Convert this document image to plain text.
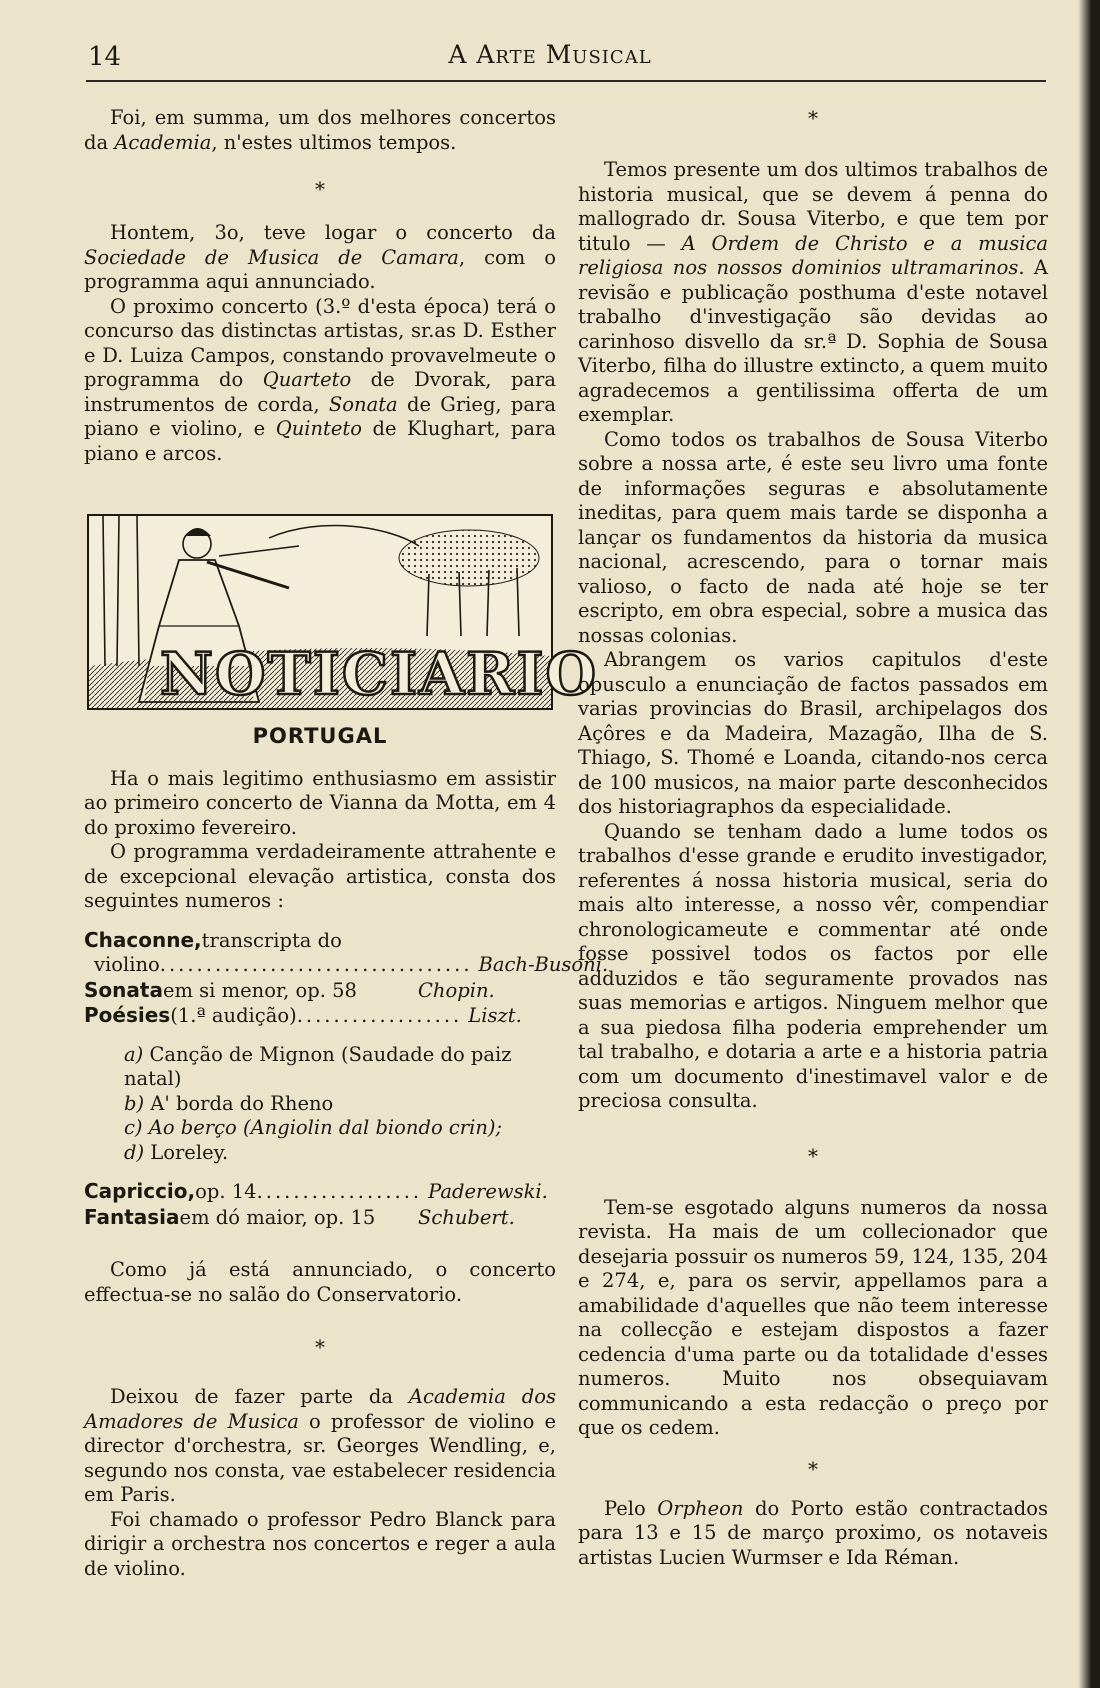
14	A Arte Musical

Foi, em summa, um dos melhores concertos da Academia, n'estes ultimos tempos.

*

Hontem, 3o, teve logar o concerto da Sociedade de Musica de Camara, com o programma aqui annunciado.

O proximo concerto (3.º d'esta época) terá o concurso das distinctas artistas, sr.as D. Esther e D. Luiza Campos, constando provavelmeute o programma do Quarteto de Dvorak, para instrumentos de corda, Sonata de Grieg, para piano e violino, e Quinteto de Klughart, para piano e arcos.

NOTICIARIO
PORTUGAL

Ha o mais legitimo enthusiasmo em assistir ao primeiro concerto de Vianna da Motta, em 4 do proximo fevereiro.

O programma verdadeiramente attrahente e de excepcional elevação artistica, consta dos seguintes numeros :

Chaconne, transcripta do
violino .................................. Bach-Busoni.
Sonata em si menor, op. 58	Chopin.
Poésies (1.ª audição) .................. Liszt.
a) Canção de Mignon (Saudade do paiz natal)
b) A' borda do Rheno
c) Ao berço (Angiolin dal biondo crin);
d) Loreley.
Capriccio, op. 14 .................. Paderewski.
Fantasia em dó maior, op. 15	Schubert.

Como já está annunciado, o concerto effectua-se no salão do Conservatorio.

*

Deixou de fazer parte da Academia dos Amadores de Musica o professor de violino e director d'orchestra, sr. Georges Wendling, e, segundo nos consta, vae estabelecer residencia em Paris.

Foi chamado o professor Pedro Blanck para dirigir a orchestra nos concertos e reger a aula de violino.

*

Temos presente um dos ultimos trabalhos de historia musical, que se devem á penna do mallogrado dr. Sousa Viterbo, e que tem por titulo — A Ordem de Christo e a musica religiosa nos nossos dominios ultramarinos. A revisão e publicação posthuma d'este notavel trabalho d'investigação são devidas ao carinhoso disvello da sr.ª D. Sophia de Sousa Viterbo, filha do illustre extincto, a quem muito agradecemos a gentilissima offerta de um exemplar.

Como todos os trabalhos de Sousa Viterbo sobre a nossa arte, é este seu livro uma fonte de informações seguras e absolutamente ineditas, para quem mais tarde se disponha a lançar os fundamentos da historia da musica nacional, acrescendo, para o tornar mais valioso, o facto de nada até hoje se ter escripto, em obra especial, sobre a musica das nossas colonias.

Abrangem os varios capitulos d'este opusculo a enunciação de factos passados em varias provincias do Brasil, archipelagos dos Açôres e da Madeira, Mazagão, Ilha de S. Thiago, S. Thomé e Loanda, citando-nos cerca de 100 musicos, na maior parte desconhecidos dos historiagraphos da especialidade.

Quando se tenham dado a lume todos os trabalhos d'esse grande e erudito investigador, referentes á nossa historia musical, seria do mais alto interesse, a nosso vêr, compendiar chronologicameute e commentar até onde fosse possivel todos os factos por elle adduzidos e tão seguramente provados nas suas memorias e artigos. Ninguem melhor que a sua piedosa filha poderia emprehender um tal trabalho, e dotaria a arte e a historia patria com um documento d'inestimavel valor e de preciosa consulta.

*

Tem-se esgotado alguns numeros da nossa revista. Ha mais de um collecionador que desejaria possuir os numeros 59, 124, 135, 204 e 274, e, para os servir, appellamos para a amabilidade d'aquelles que não teem interesse na collecção e estejam dispostos a fazer cedencia d'uma parte ou da totalidade d'esses numeros. Muito nos obsequiavam communicando a esta redacção o preço por que os cedem.

*

Pelo Orpheon do Porto estão contractados para 13 e 15 de março proximo, os notaveis artistas Lucien Wurmser e Ida Réman.
